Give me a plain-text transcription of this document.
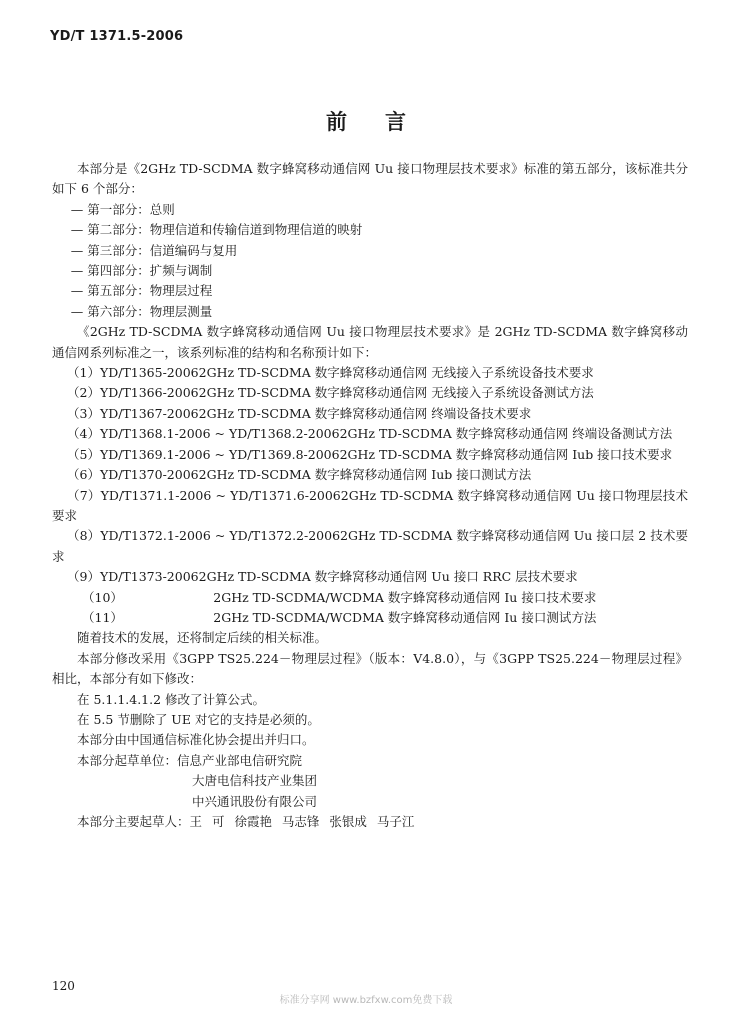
YD/T 1371.5-2006
前言

本部分是《2GHz TD-SCDMA 数字蜂窝移动通信网 Uu 接口物理层技术要求》标准的第五部分，该标准共分如下 6 个部分：

— 第一部分：总则

— 第二部分：物理信道和传输信道到物理信道的映射

— 第三部分：信道编码与复用

— 第四部分：扩频与调制

— 第五部分：物理层过程

— 第六部分：物理层测量

《2GHz TD-SCDMA 数字蜂窝移动通信网 Uu 接口物理层技术要求》是 2GHz TD-SCDMA 数字蜂窝移动通信网系列标准之一，该系列标准的结构和名称预计如下：

（1）YD/T1365-20062GHz TD-SCDMA 数字蜂窝移动通信网 无线接入子系统设备技术要求

（2）YD/T1366-20062GHz TD-SCDMA 数字蜂窝移动通信网 无线接入子系统设备测试方法

（3）YD/T1367-20062GHz TD-SCDMA 数字蜂窝移动通信网 终端设备技术要求

（4）YD/T1368.1-2006 ~ YD/T1368.2-20062GHz TD-SCDMA 数字蜂窝移动通信网 终端设备测试方法

（5）YD/T1369.1-2006 ~ YD/T1369.8-20062GHz TD-SCDMA 数字蜂窝移动通信网 Iub 接口技术要求

（6）YD/T1370-20062GHz TD-SCDMA 数字蜂窝移动通信网 Iub 接口测试方法

（7）YD/T1371.1-2006 ~ YD/T1371.6-20062GHz TD-SCDMA 数字蜂窝移动通信网 Uu 接口物理层技术要求

（8）YD/T1372.1-2006 ~ YD/T1372.2-20062GHz TD-SCDMA 数字蜂窝移动通信网 Uu 接口层 2 技术要求

（9）YD/T1373-20062GHz TD-SCDMA 数字蜂窝移动通信网 Uu 接口 RRC 层技术要求

（10）	2GHz TD-SCDMA/WCDMA 数字蜂窝移动通信网 Iu 接口技术要求

（11）	2GHz TD-SCDMA/WCDMA 数字蜂窝移动通信网 Iu 接口测试方法

随着技术的发展，还将制定后续的相关标准。

本部分修改采用《3GPP TS25.224－物理层过程》（版本：V4.8.0），与《3GPP TS25.224－物理层过程》相比，本部分有如下修改：

在 5.1.1.4.1.2 修改了计算公式。

在 5.5 节删除了 UE 对它的支持是必须的。

本部分由中国通信标准化协会提出并归口。

本部分起草单位：信息产业部电信研究院

大唐电信科技产业集团

中兴通讯股份有限公司

本部分主要起草人：王 可 徐霞艳 马志锋 张银成 马子江

120
标准分享网 www.bzfxw.com免费下载
